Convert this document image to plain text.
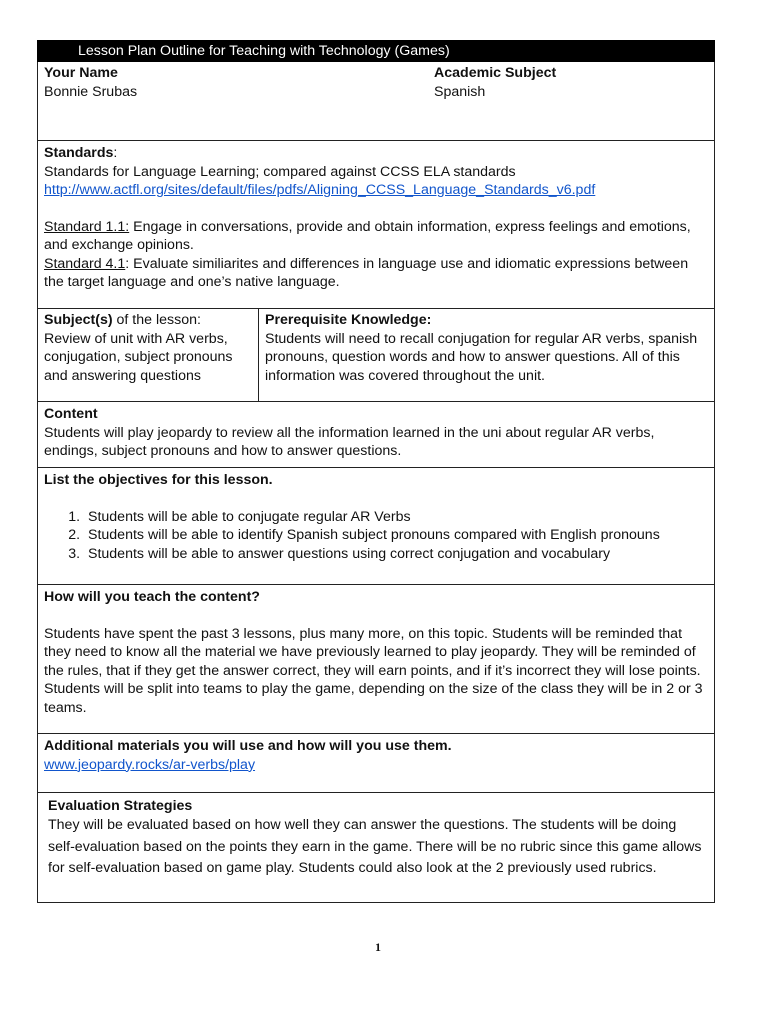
Lesson Plan Outline for Teaching with Technology (Games)
Your Name
Bonnie Srubas
Academic Subject
Spanish
Standards:
Standards for Language Learning; compared against CCSS ELA standards
http://www.actfl.org/sites/default/files/pdfs/Aligning_CCSS_Language_Standards_v6.pdf
Standard 1.1: Engage in conversations, provide and obtain information, express feelings and emotions, and exchange opinions.
Standard 4.1: Evaluate similiarites and differences in language use and idiomatic expressions between the target language and one’s native language.
Subject(s) of the lesson:
Review of unit with AR verbs, conjugation, subject pronouns and answering questions
Prerequisite Knowledge:
Students will need to recall conjugation for regular AR verbs, spanish pronouns, question words and how to answer questions. All of this information was covered throughout the unit.
Content
Students will play jeopardy to review all the information learned in the uni about regular AR verbs, endings, subject pronouns and how to answer questions.
List the objectives for this lesson.
1. Students will be able to conjugate regular AR Verbs
2. Students will be able to identify Spanish subject pronouns compared with English pronouns
3. Students will be able to answer questions using correct conjugation and vocabulary
How will you teach the content?
Students have spent the past 3 lessons, plus many more, on this topic. Students will be reminded that they need to know all the material we have previously learned to play jeopardy. They will be reminded of the rules, that if they get the answer correct, they will earn points, and if it’s incorrect they will lose points. Students will be split into teams to play the game, depending on the size of the class they will be in 2 or 3 teams.
Additional materials you will use and how will you use them.
www.jeopardy.rocks/ar-verbs/play
Evaluation Strategies
They will be evaluated based on how well they can answer the questions. The students will be doing self-evaluation based on the points they earn in the game. There will be no rubric since this game allows for self-evaluation based on game play. Students could also look at the 2 previously used rubrics.
1
